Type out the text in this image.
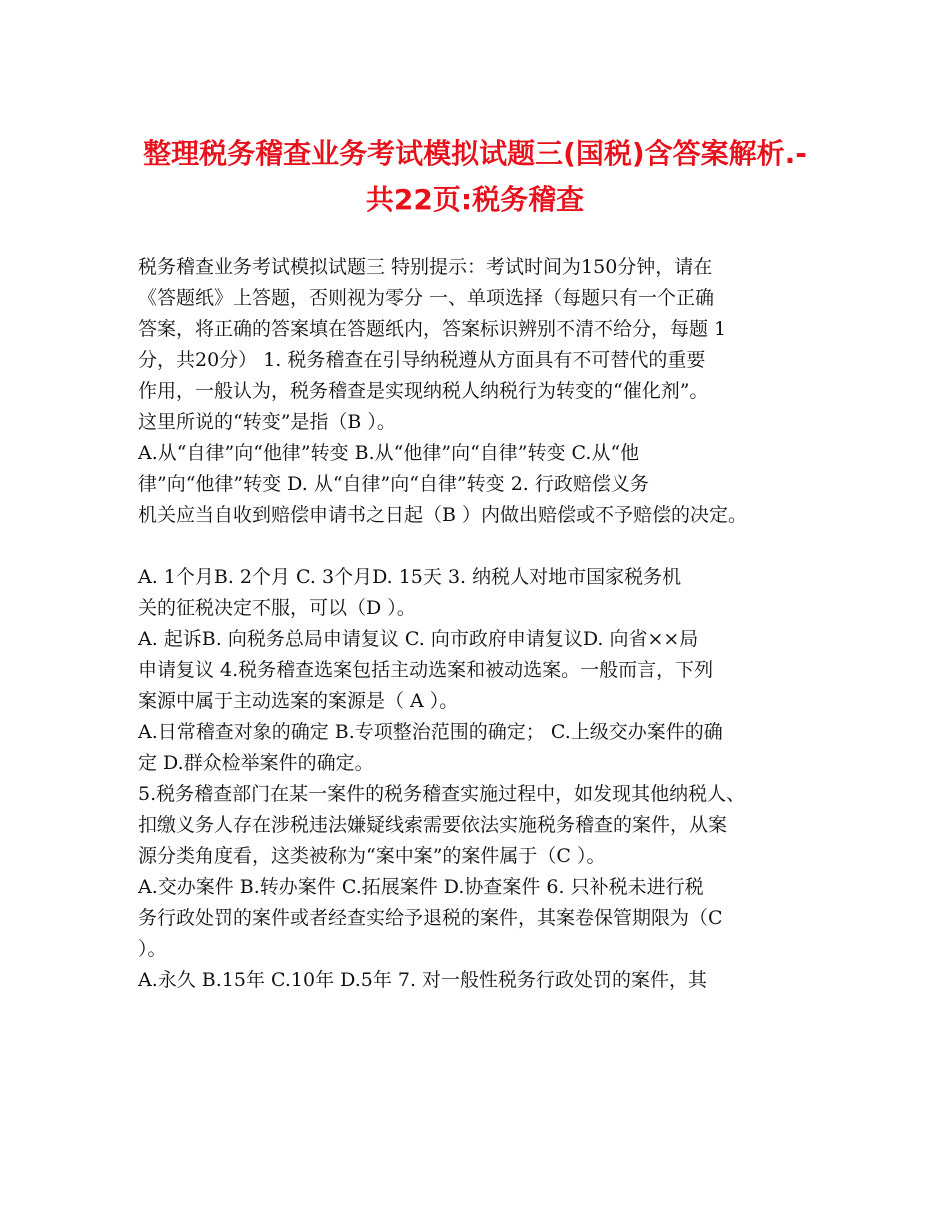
整理税务稽查业务考试模拟试题三(国税)含答案解析.-
共22页:税务稽查
税务稽查业务考试模拟试题三 特别提示：考试时间为150分钟，请在
《答题纸》上答题，否则视为零分 一、单项选择（每题只有一个正确
答案，将正确的答案填在答题纸内，答案标识辨别不清不给分，每题 1
分，共20分） 1. 税务稽查在引导纳税遵从方面具有不可替代的重要
作用，一般认为，税务稽查是实现纳税人纳税行为转变的“催化剂”。
这里所说的“转变”是指（B ）。
A.从“自律”向“他律”转变 B.从“他律”向“自律”转变 C.从“他
律”向“他律”转变 D. 从“自律”向“自律”转变 2. 行政赔偿义务
机关应当自收到赔偿申请书之日起（B ）内做出赔偿或不予赔偿的决定。
A. 1个月B. 2个月 C. 3个月D. 15天 3. 纳税人对地市国家税务机
关的征税决定不服，可以（D ）。
A. 起诉B. 向税务总局申请复议 C. 向市政府申请复议D. 向省××局
申请复议 4.税务稽查选案包括主动选案和被动选案。一般而言，下列
案源中属于主动选案的案源是（ A ）。
A.日常稽查对象的确定 B.专项整治范围的确定； C.上级交办案件的确
定 D.群众检举案件的确定。
5.税务稽查部门在某一案件的税务稽查实施过程中，如发现其他纳税人、
扣缴义务人存在涉税违法嫌疑线索需要依法实施税务稽查的案件，从案
源分类角度看，这类被称为“案中案”的案件属于（C ）。
A.交办案件 B.转办案件 C.拓展案件 D.协查案件 6. 只补税未进行税
务行政处罚的案件或者经查实给予退税的案件，其案卷保管期限为（C
）。
A.永久 B.15年 C.10年 D.5年 7. 对一般性税务行政处罚的案件，其
